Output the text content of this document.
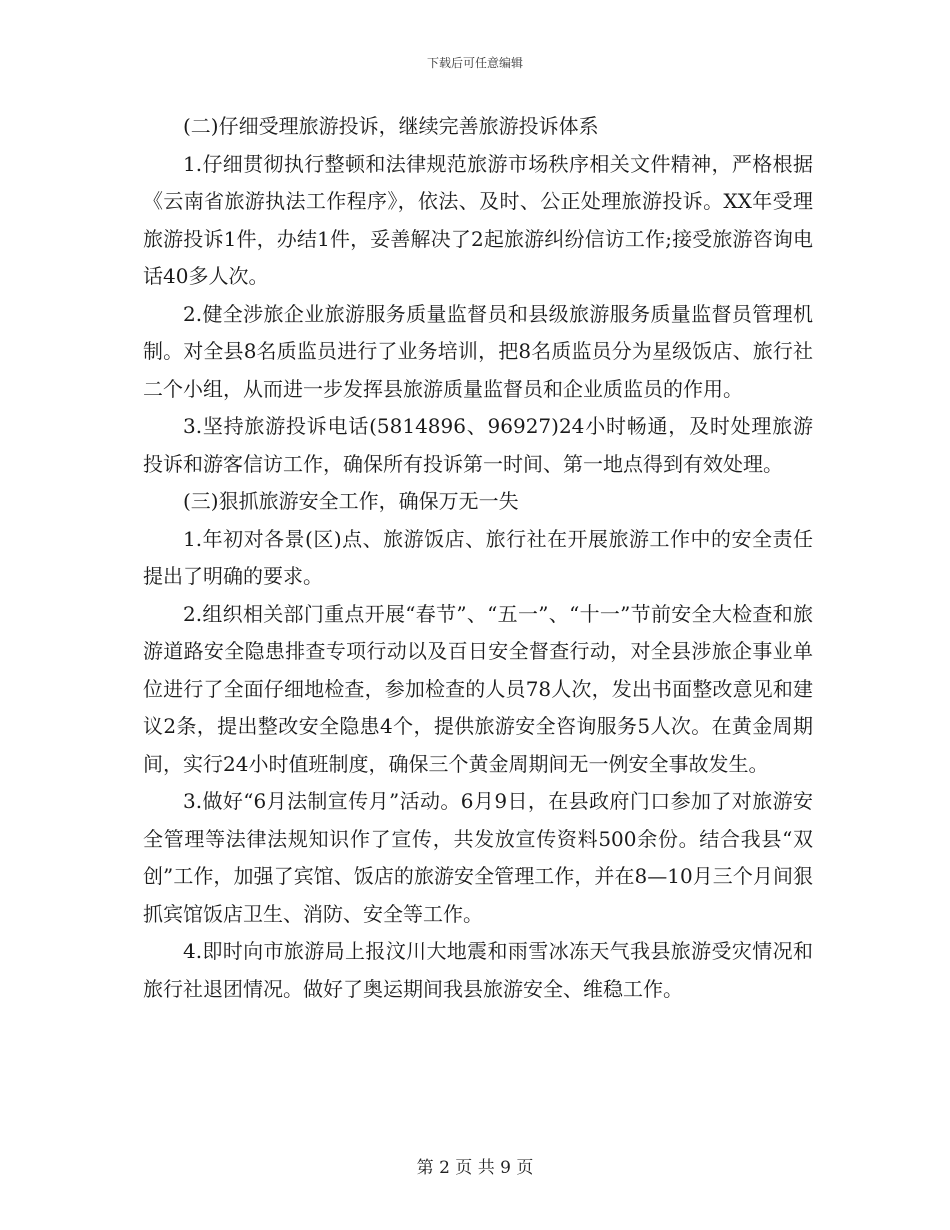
下载后可任意编辑

(二)仔细受理旅游投诉，继续完善旅游投诉体系

1.仔细贯彻执行整顿和法律规范旅游市场秩序相关文件精神，严格根据《云南省旅游执法工作程序》，依法、及时、公正处理旅游投诉。XX年受理旅游投诉1件，办结1件，妥善解决了2起旅游纠纷信访工作;接受旅游咨询电话40多人次。

2.健全涉旅企业旅游服务质量监督员和县级旅游服务质量监督员管理机制。对全县8名质监员进行了业务培训，把8名质监员分为星级饭店、旅行社二个小组，从而进一步发挥县旅游质量监督员和企业质监员的作用。

3.坚持旅游投诉电话(5814896、96927)24小时畅通，及时处理旅游投诉和游客信访工作，确保所有投诉第一时间、第一地点得到有效处理。

(三)狠抓旅游安全工作，确保万无一失

1.年初对各景(区)点、旅游饭店、旅行社在开展旅游工作中的安全责任提出了明确的要求。

2.组织相关部门重点开展“春节”、“五一”、“十一”节前安全大检查和旅游道路安全隐患排查专项行动以及百日安全督查行动，对全县涉旅企事业单位进行了全面仔细地检查，参加检查的人员78人次，发出书面整改意见和建议2条，提出整改安全隐患4个，提供旅游安全咨询服务5人次。在黄金周期间，实行24小时值班制度，确保三个黄金周期间无一例安全事故发生。

3.做好“6月法制宣传月”活动。6月9日，在县政府门口参加了对旅游安全管理等法律法规知识作了宣传，共发放宣传资料500余份。结合我县“双创”工作，加强了宾馆、饭店的旅游安全管理工作，并在8—10月三个月间狠抓宾馆饭店卫生、消防、安全等工作。

4.即时向市旅游局上报汶川大地震和雨雪冰冻天气我县旅游受灾情况和旅行社退团情况。做好了奥运期间我县旅游安全、维稳工作。

第 2 页 共 9 页
